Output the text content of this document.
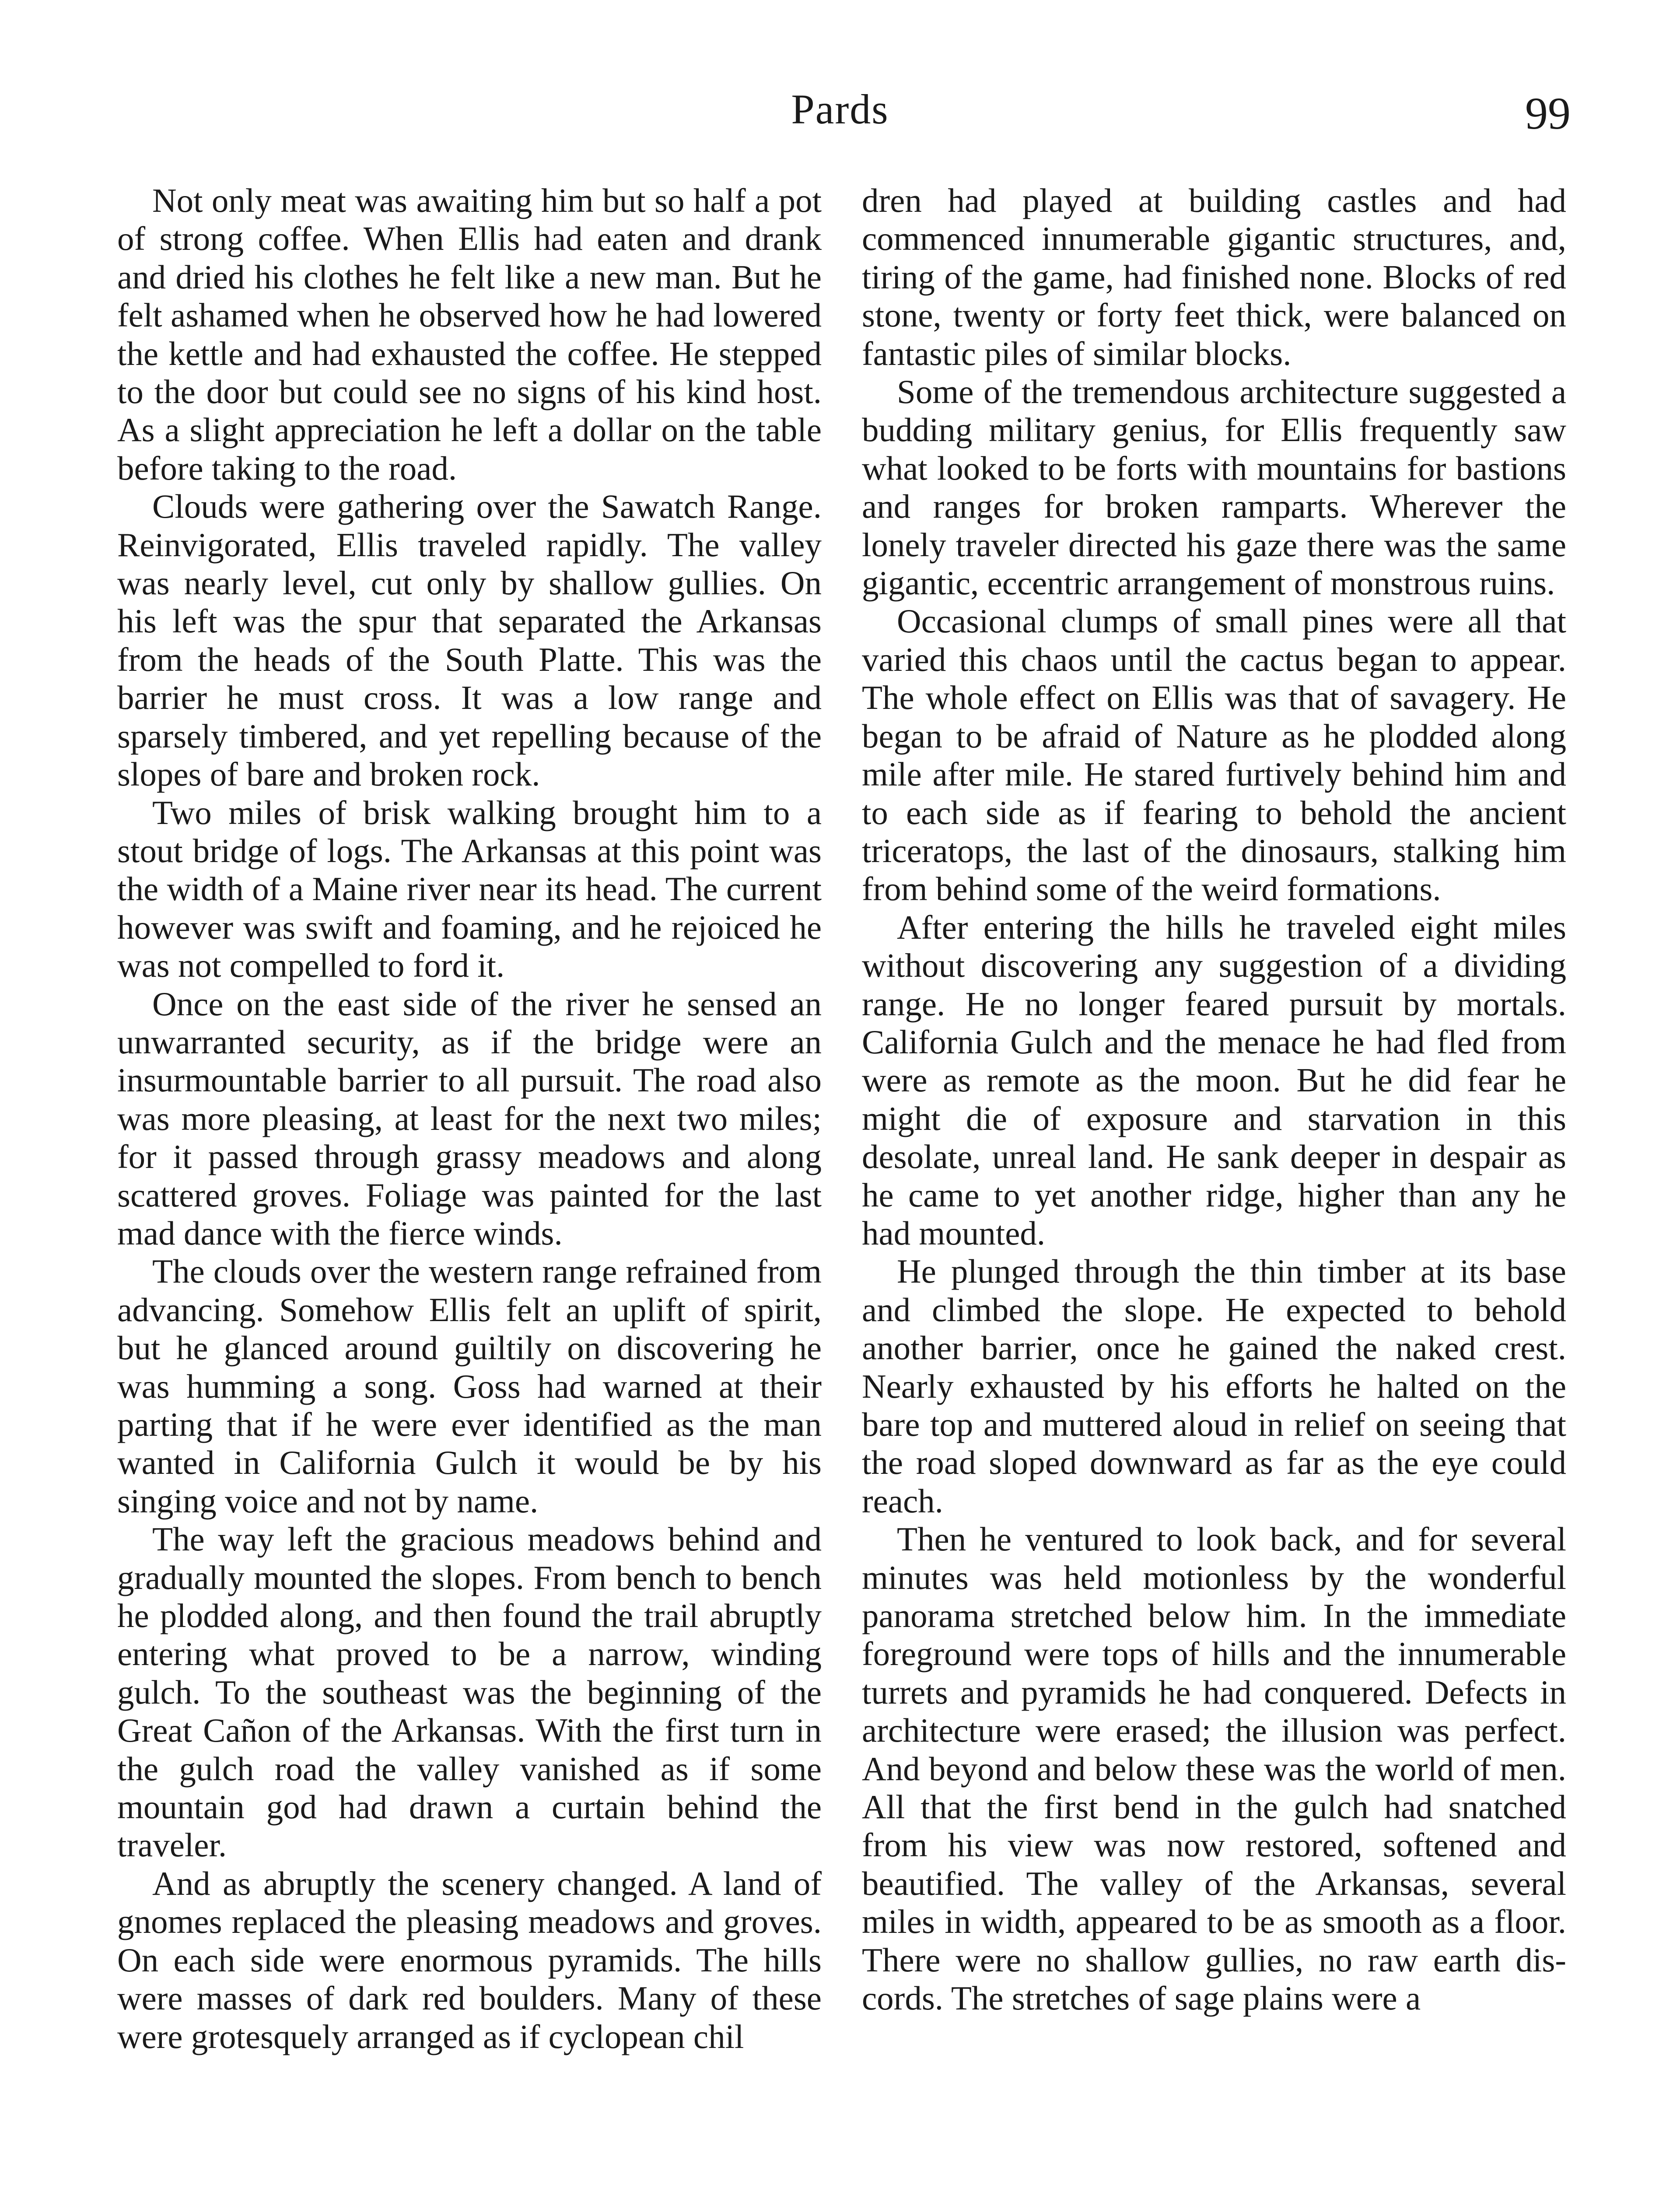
Pards	99

Not only meat was awaiting him but so half a pot of strong coffee. When Ellis had eaten and drank and dried his clothes he felt like a new man. But he felt ashamed when he observed how he had lowered the kettle and had exhausted the coffee. He stepped to the door but could see no signs of his kind host. As a slight appreciation he left a dollar on the table before taking to the road.

Clouds were gathering over the Sawatch Range. Reinvigorated, Ellis traveled rapidly. The valley was nearly level, cut only by shallow gullies. On his left was the spur that separated the Arkansas from the heads of the South Platte. This was the barrier he must cross. It was a low range and sparsely timbered, and yet repelling because of the slopes of bare and broken rock.

Two miles of brisk walking brought him to a stout bridge of logs. The Arkansas at this point was the width of a Maine river near its head. The current however was swift and foaming, and he rejoiced he was not compelled to ford it.

Once on the east side of the river he sensed an unwarranted security, as if the bridge were an insurmountable barrier to all pursuit. The road also was more pleasing, at least for the next two miles; for it passed through grassy meadows and along scattered groves. Foliage was painted for the last mad dance with the fierce winds.

The clouds over the western range refrained from advancing. Somehow Ellis felt an uplift of spirit, but he glanced around guiltily on discovering he was humming a song. Goss had warned at their parting that if he were ever identified as the man wanted in California Gulch it would be by his singing voice and not by name.

The way left the gracious meadows behind and gradually mounted the slopes. From bench to bench he plodded along, and then found the trail abruptly entering what proved to be a narrow, winding gulch. To the southeast was the beginning of the Great Cañon of the Arkansas. With the first turn in the gulch road the valley vanished as if some mountain god had drawn a curtain behind the traveler.

And as abruptly the scenery changed. A land of gnomes replaced the pleasing meadows and groves. On each side were enormous pyramids. The hills were masses of dark red boulders. Many of these were grotesquely arranged as if cyclopean chil

dren had played at building castles and had commenced innumerable gigantic structures, and, tiring of the game, had finished none. Blocks of red stone, twenty or forty feet thick, were balanced on fantastic piles of similar blocks.

Some of the tremendous architecture suggested a budding military genius, for Ellis frequently saw what looked to be forts with mountains for bastions and ranges for broken ramparts. Wherever the lonely traveler directed his gaze there was the same gigantic, eccentric arrangement of monstrous ruins.

Occasional clumps of small pines were all that varied this chaos until the cactus began to appear. The whole effect on Ellis was that of savagery. He began to be afraid of Nature as he plodded along mile after mile. He stared furtively behind him and to each side as if fearing to behold the ancient triceratops, the last of the dinosaurs, stalking him from behind some of the weird formations.

After entering the hills he traveled eight miles without discovering any suggestion of a dividing range. He no longer feared pursuit by mortals. California Gulch and the menace he had fled from were as remote as the moon. But he did fear he might die of exposure and starvation in this desolate, unreal land. He sank deeper in despair as he came to yet another ridge, higher than any he had mounted.

He plunged through the thin timber at its base and climbed the slope. He expected to behold another barrier, once he gained the naked crest. Nearly exhausted by his efforts he halted on the bare top and muttered aloud in relief on seeing that the road sloped downward as far as the eye could reach.

Then he ventured to look back, and for several minutes was held motionless by the wonderful panorama stretched below him. In the immediate foreground were tops of hills and the innumerable turrets and pyramids he had conquered. Defects in architecture were erased; the illusion was perfect. And beyond and below these was the world of men. All that the first bend in the gulch had snatched from his view was now restored, softened and beautified. The valley of the Arkansas, several miles in width, appeared to be as smooth as a floor. There were no shallow gullies, no raw earth discords. The stretches of sage plains were a
